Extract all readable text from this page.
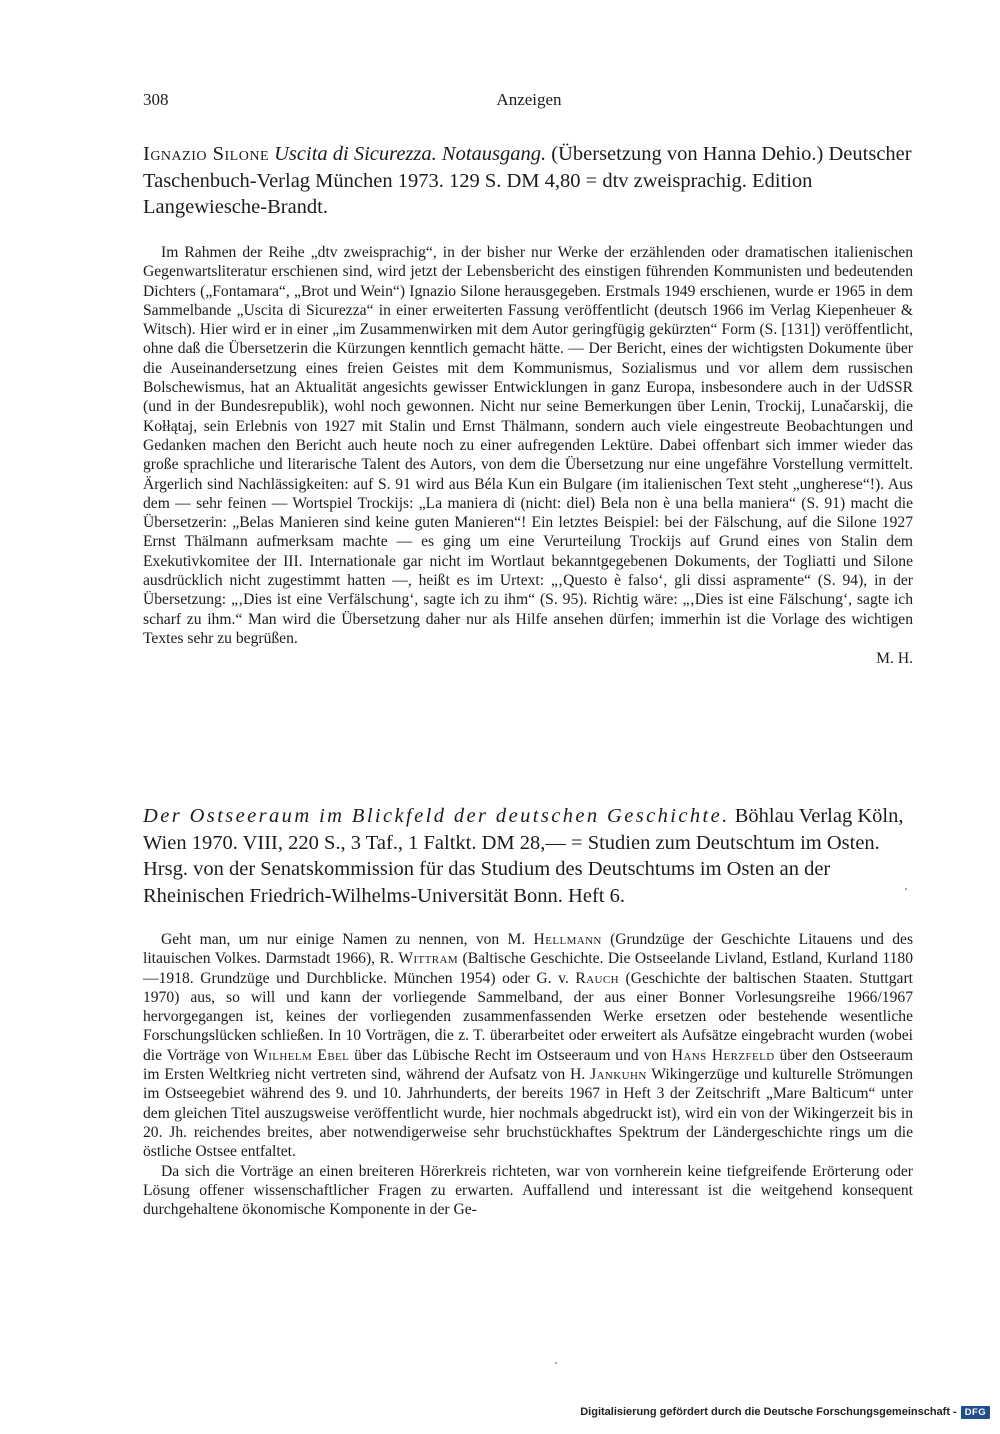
308	Anzeigen
Ignazio Silone Uscita di Sicurezza. Notausgang. (Übersetzung von Hanna Dehio.) Deutscher Taschenbuch-Verlag München 1973. 129 S. DM 4,80 = dtv zweisprachig. Edition Langewiesche-Brandt.

Im Rahmen der Reihe „dtv zweisprachig“, in der bisher nur Werke der erzählenden oder dramatischen italienischen Gegenwartsliteratur erschienen sind, wird jetzt der Lebensbericht des einstigen führenden Kommunisten und bedeutenden Dichters („Fontamara“, „Brot und Wein“) Ignazio Silone herausgegeben. Erstmals 1949 erschienen, wurde er 1965 in dem Sammelbande „Uscita di Sicurezza“ in einer erweiterten Fassung veröffentlicht (deutsch 1966 im Verlag Kiepenheuer & Witsch). Hier wird er in einer „im Zusammenwirken mit dem Autor geringfügig gekürzten“ Form (S. [131]) veröffentlicht, ohne daß die Übersetzerin die Kürzungen kenntlich gemacht hätte. — Der Bericht, eines der wichtigsten Dokumente über die Auseinandersetzung eines freien Geistes mit dem Kommunismus, Sozialismus und vor allem dem russischen Bolschewismus, hat an Aktualität angesichts gewisser Entwicklungen in ganz Europa, insbesondere auch in der UdSSR (und in der Bundesrepublik), wohl noch gewonnen. Nicht nur seine Bemerkungen über Lenin, Trockij, Lunačarskij, die Kołłątaj, sein Erlebnis von 1927 mit Stalin und Ernst Thälmann, sondern auch viele eingestreute Beobachtungen und Gedanken machen den Bericht auch heute noch zu einer aufregenden Lektüre. Dabei offenbart sich immer wieder das große sprachliche und literarische Talent des Autors, von dem die Übersetzung nur eine ungefähre Vorstellung vermittelt. Ärgerlich sind Nachlässigkeiten: auf S. 91 wird aus Béla Kun ein Bulgare (im italienischen Text steht „ungherese“!). Aus dem — sehr feinen — Wortspiel Trockijs: „La maniera di (nicht: diel) Bela non è una bella maniera“ (S. 91) macht die Übersetzerin: „Belas Manieren sind keine guten Manieren“! Ein letztes Beispiel: bei der Fälschung, auf die Silone 1927 Ernst Thälmann aufmerksam machte — es ging um eine Verurteilung Trockijs auf Grund eines von Stalin dem Exekutivkomitee der III. Internationale gar nicht im Wortlaut bekanntgegebenen Dokuments, der Togliatti und Silone ausdrücklich nicht zugestimmt hatten —, heißt es im Urtext: „‚Questo è falso‘, gli dissi aspramente“ (S. 94), in der Übersetzung: „‚Dies ist eine Verfälschung‘, sagte ich zu ihm“ (S. 95). Richtig wäre: „‚Dies ist eine Fälschung‘, sagte ich scharf zu ihm.“ Man wird die Übersetzung daher nur als Hilfe ansehen dürfen; immerhin ist die Vorlage des wichtigen Textes sehr zu begrüßen.

M. H.

Der Ostseeraum im Blickfeld der deutschen Geschichte. Böhlau Verlag Köln, Wien 1970. VIII, 220 S., 3 Taf., 1 Faltkt. DM 28,— = Studien zum Deutschtum im Osten. Hrsg. von der Senatskommission für das Studium des Deutschtums im Osten an der Rheinischen Friedrich-Wilhelms-Universität Bonn. Heft 6.

Geht man, um nur einige Namen zu nennen, von M. Hellmann (Grundzüge der Geschichte Litauens und des litauischen Volkes. Darmstadt 1966), R. Wittram (Baltische Geschichte. Die Ostseelande Livland, Estland, Kurland 1180—1918. Grundzüge und Durchblicke. München 1954) oder G. v. Rauch (Geschichte der baltischen Staaten. Stuttgart 1970) aus, so will und kann der vorliegende Sammelband, der aus einer Bonner Vorlesungsreihe 1966/1967 hervorgegangen ist, keines der vorliegenden zusammenfassenden Werke ersetzen oder bestehende wesentliche Forschungslücken schließen. In 10 Vorträgen, die z. T. überarbeitet oder erweitert als Aufsätze eingebracht wurden (wobei die Vorträge von Wilhelm Ebel über das Lübische Recht im Ostseeraum und von Hans Herzfeld über den Ostseeraum im Ersten Weltkrieg nicht vertreten sind, während der Aufsatz von H. Jankuhn Wikingerzüge und kulturelle Strömungen im Ostseegebiet während des 9. und 10. Jahrhunderts, der bereits 1967 in Heft 3 der Zeitschrift „Mare Balticum“ unter dem gleichen Titel auszugsweise veröffentlicht wurde, hier nochmals abgedruckt ist), wird ein von der Wikingerzeit bis in 20. Jh. reichendes breites, aber notwendigerweise sehr bruchstückhaftes Spektrum der Ländergeschichte rings um die östliche Ostsee entfaltet.

Da sich die Vorträge an einen breiteren Hörerkreis richteten, war von vornherein keine tiefgreifende Erörterung oder Lösung offener wissenschaftlicher Fragen zu erwarten. Auffallend und interessant ist die weitgehend konsequent durchgehaltene ökonomische Komponente in der Ge-

Digitalisierung gefördert durch die Deutsche Forschungsgemeinschaft - DFG
